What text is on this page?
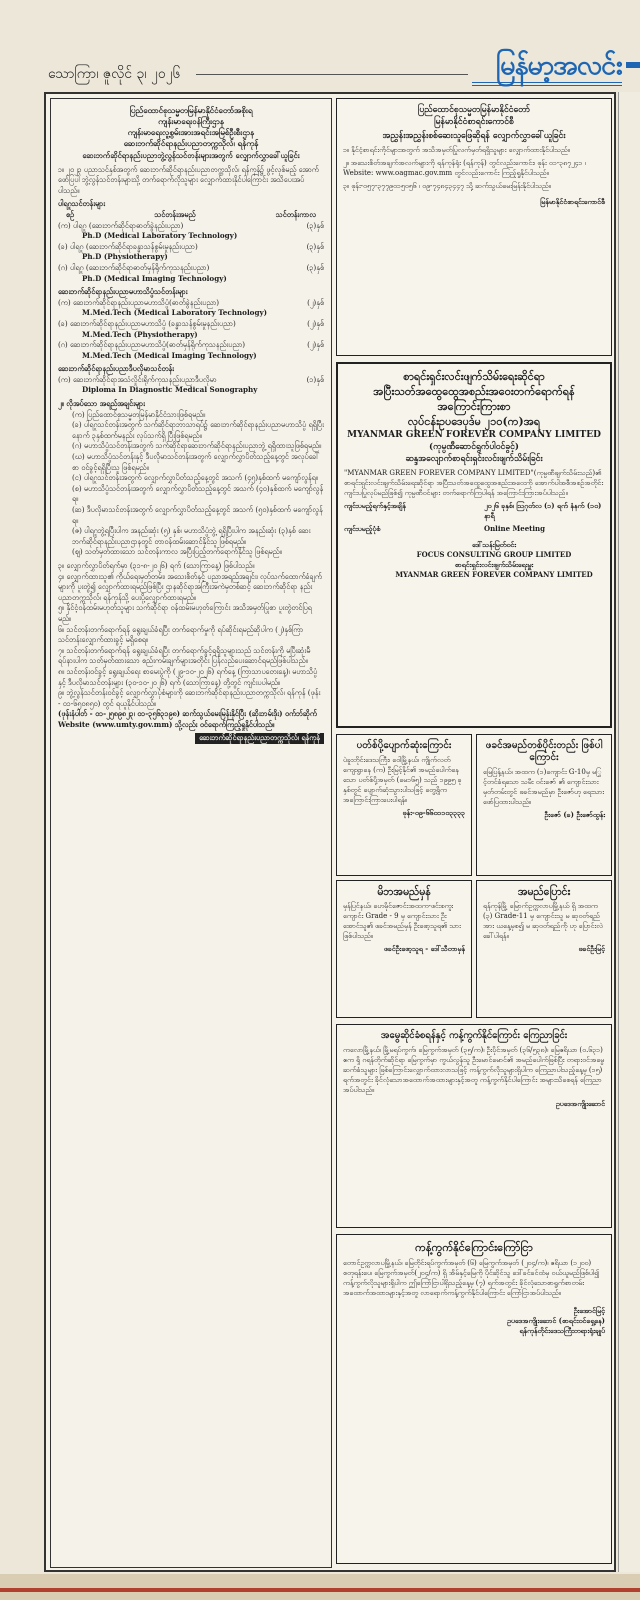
သောကြာ၊ ဇူလိုင် ၃၊ ၂၀၂၆	မြန်မာ့အလင်း
ပြည်ထောင်စုသမ္မတမြန်မာနိုင်ငံတော်အစိုးရ
ကျန်းမာရေးဝန်ကြီးဌာန
ကျန်းမာရေးလူ့စွမ်းအားအရင်းအမြစ်ဦးစီးဌာန
ဆေးဘက်ဆိုင်ရာနည်းပညာတက္ကသိုလ်၊ ရန်ကုန်
ဆေးဘက်ဆိုင်ရာနည်းပညာဘွဲ့လွန်သင်တန်းများအတွက် လျှောက်လွှာခေါ်ယူခြင်း
၁။ ၂၀၂၃ ပညာသင်နှစ်အတွက် ဆေးဘက်ဆိုင်ရာနည်းပညာတက္ကသိုလ်၊ ရန်ကုန်၌ ဖွင့်လှစ်မည့် အောက်ဖော်ပြပါ ဘွဲ့လွန်သင်တန်းများသို့ တက်ရောက်လိုသူများ လျှောက်ထားနိုင်ပါကြောင်း အသိပေးအပ်ပါသည်။
ပါရဂူသင်တန်းများ
စဉ်	သင်တန်းအမည်	သင်တန်းကာလ
(က) ပါရဂူ (ဆေးဘက်ဆိုင်ရာဓာတ်ခွဲနည်းပညာ)	(၃)နှစ်
Ph.D (Medical Laboratory Technology)
(ခ) ပါရဂူ (ဆေးဘက်ဆိုင်ရာခန္ဓာသန်စွမ်းမှုနည်းပညာ)	(၃)နှစ်
Ph.D (Physiotherapy)
(ဂ) ပါရဂူ (ဆေးဘက်ဆိုင်ရာဓာတ်မှန်ရိုက်ကုသနည်းပညာ)	(၃)နှစ်
Ph.D (Medical Imaging Technology)
ဆေးဘက်ဆိုင်ရာနည်းပညာမဟာသိပ္ပံသင်တန်းများ
(က) ဆေးဘက်ဆိုင်ရာနည်းပညာမဟာသိပ္ပံ(ဓာတ်ခွဲနည်းပညာ)	(၂)နှစ်
M.Med.Tech (Medical Laboratory Technology)
(ခ) ဆေးဘက်ဆိုင်ရာနည်းပညာမဟာသိပ္ပံ (ခန္ဓာသန်စွမ်းမှုနည်းပညာ)	(၂)နှစ်
M.Med.Tech (Physiotherapy)
(ဂ) ဆေးဘက်ဆိုင်ရာနည်းပညာမဟာသိပ္ပံ(ဓာတ်မှန်ရိုက်ကုသနည်းပညာ)	(၂)နှစ်
M.Med.Tech (Medical Imaging Technology)
ဆေးဘက်ဆိုင်ရာနည်းပညာဒီပလိုမာသင်တန်း
(က) ဆေးဘက်ဆိုင်ရာအသံလှိုင်းရိုက်ကုသနည်းပညာဒီပလိုမာ	(၁)နှစ်
Diploma In Diagnostic Medical Sonography
၂။ လိုအပ်သော အရည်အချင်းများ
(က) ပြည်ထောင်စုသမ္မတမြန်မာနိုင်ငံသားဖြစ်ရမည်။
(ခ) ပါရဂူသင်တန်းအတွက် သက်ဆိုင်ရာဘာသာရပ်၌ ဆေးဘက်ဆိုင်ရာနည်းပညာမဟာသိပ္ပံ ရရှိပြီးနောက် ၃နှစ်ထက်မနည်း လုပ်သက်ရှိ ပြီးဖြစ်ရမည်။
(ဂ) မဟာသိပ္ပံသင်တန်းအတွက် သက်ဆိုင်ရာဆေးဘက်ဆိုင်ရာနည်းပညာဘွဲ့ ရရှိထားသူဖြစ်ရမည်။
(ဃ) မဟာသိပ္ပံသင်တန်းနှင့် ဒီပလိုမာသင်တန်းအတွက် လျှောက်လွှာပိတ်သည့်နေ့တွင် အလုပ်ခေါ်စာ ဝင်ခွင့်ရရှိပြီးသူ ဖြစ်ရမည်။
(င) ပါရဂူသင်တန်းအတွက် လျှောက်လွှာပိတ်သည့်နေ့တွင် အသက် (၄၅)နှစ်ထက် မကျော်လွန်ရ။
(စ) မဟာသိပ္ပံသင်တန်းအတွက် လျှောက်လွှာပိတ်သည့်နေ့တွင် အသက် (၄၀)နှစ်ထက် မကျော်လွန်ရ။
(ဆ) ဒီပလိုမာသင်တန်းအတွက် လျှောက်လွှာပိတ်သည့်နေ့တွင် အသက် (၅၀)နှစ်ထက် မကျော်လွန်ရ။
(ဇ) ပါရဂူဘွဲ့ရပြီးပါက အနည်းဆုံး (၅) နှစ်၊ မဟာသိပ္ပံဘွဲ့ ရရှိပြီးပါက အနည်းဆုံး (၃)နှစ် ဆေးဘက်ဆိုင်ရာနည်းပညာဌာနတွင် တာဝန်ထမ်းဆောင်နိုင်သူ ဖြစ်ရမည်။
(ဈ) သတ်မှတ်ထားသော သင်တန်းကာလ အပြီးပြည့်တက်ရောက်နိုင်သူ ဖြစ်ရမည်။
၃။ လျှောက်လွှာပိတ်ရက်မှာ (၃၁-၈-၂၀၂၆) ရက် (သောကြာနေ့) ဖြစ်ပါသည်။
၄။ လျှောက်ထားသူ၏ ကိုယ်ရေးမှတ်တမ်း၊ အသေးစိတ်နှင့် ပညာအရည်အချင်း၊ လုပ်သက်ထောက်ခံချက်များကို ပူးတွဲ၍ လျှောက်ထားရမည်ဖြစ်ပြီး ဌာနဆိုင်ရာအကြီးအကဲမှတစ်ဆင့် ဆေးဘက်ဆိုင်ရာ နည်းပညာတက္ကသိုလ်၊ ရန်ကုန်သို့ ပေးပို့လျှောက်ထားရမည်။
၅။ နိုင်ငံ့ဝန်ထမ်းမဟုတ်သူများ သက်ဆိုင်ရာ ဝန်ထမ်းမဟုတ်ကြောင်း အသိအမှတ်ပြုစာ ပူးတွဲတင်ပြရမည်။
၆။ သင်တန်းတက်ရောက်ရန် ရွေးချယ်ခံရပြီး တက်ရောက်မှုကို ရပ်ဆိုင်းရမည်ဆိုပါက (၂)နှစ်ကြာ သင်တန်းလျှောက်ထားခွင့် မရှိစေရ။
၇။ သင်တန်းတက်ရောက်ရန် ရွေးချယ်ခံရပြီး တက်ရောက်ခွင့်ရရှိသူများသည် သင်တန်းကို မပြီးဆုံးမီ ရပ်နားပါက သတ်မှတ်ထားသော စည်းကမ်းချက်များအတိုင်း ပြန်လည်ပေးဆောင်ရမည်ဖြစ်ပါသည်။
၈။ သင်တန်းဝင်ခွင့် ရွေးချယ်ရေး စာမေးပွဲကို (၂၉-၁၀-၂၀၂၆) ရက်နေ့ (ကြာသာပတေးနေ့)၊ မဟာသိပ္ပံနှင့် ဒီပလိုမာသင်တန်းများ (၃၀-၁၀-၂၀၂၆) ရက် (သောကြာနေ့) တို့တွင် ကျင်းပပါမည်။
၉။ ဘွဲ့လွန်သင်တန်းဝင်ခွင့် လျှောက်လွှာပုံစံများကို ဆေးဘက်ဆိုင်ရာနည်းပညာတက္ကသိုလ်၊ ရန်ကုန် (ဖုန်း - ၀၁-၆၅၀၈၅၀) တွင် ရယူနိုင်ပါသည်။
(ဖုန်းနံပါတ် - ၀၁-၂၅၈၉၈၂၃၊ ၀၁-၃၅၆၃၁၉၈) ဆက်သွယ်မေးမြန်းနိုင်ပြီး (ဆိုးဘမ်းဒိုး) ဝက်ဘ်ဆိုက် Website (www.umty.gov.mm) သို့လည်း ဝင်ရောက်ကြည့်ရှုနိုင်ပါသည်။
ဆေးဘက်ဆိုင်ရာနည်းပညာတက္ကသိုလ်၊ ရန်ကုန်
ပြည်ထောင်စုသမ္မတမြန်မာနိုင်ငံတော်
မြန်မာနိုင်ငံစာရင်းကောင်စီ
အညွှန်းအညွှန်းစစ်ဆေးသူဖြေဆိုရန် လျှောက်လွှာခေါ်ယူခြင်း
၁။ နိုင်ငံ့စာရင်းကိုင်များအတွက် အသိအမှတ်ပြုလက်မှတ်ရရှိသူများ လျှောက်ထားနိုင်ပါသည်။
၂။ အသေးစိတ်အချက်အလက်များကို ရန်ကုန်ရုံး (ရန်ကုန်) တွင်လည်းကောင်း၊ ဖုန်း ၀၁-၃၈၇၂၄၁ ၊ Website: www.oagmac.gov.mm တွင်လည်းကောင်း ကြည့်ရှုနိုင်ပါသည်။
၃။ ဖုန်း-၀၅၇-၃၇၇၉၀၁၅၀၅၆ ၊ ၀၉-၇၄၈၄၃၄၄၇ သို့ ဆက်သွယ်မေးမြန်းနိုင်ပါသည်။
မြန်မာနိုင်ငံစာရင်းကောင်စီ
စာရင်းရှင်းလင်းဖျက်သိမ်းရေးဆိုင်ရာ
အပြီးသတ်အထွေထွေအစည်းအဝေးတက်ရောက်ရန်
အကြောင်းကြားစာ
လုပ်ငန်းဥပဒေပုဒ်မ ၂၁၀(က)အရ
MYANMAR GREEN FOREVER COMPANY LIMITED
(ကုမ္ပဏီဆောင်ရွက်ပါဝင်ခွင့်)
ဆန္ဒအလျောက်စာရင်းရှင်းလင်းဖျက်သိမ်းခြင်း
"MYANMAR GREEN FOREVER COMPANY LIMITED"(ကုမ္ပဏီဖျက်သိမ်းသည်)၏ စာရင်းရှင်းလင်းဖျက်သိမ်းရေးဆိုင်ရာ အပြီးသတ်အထွေထွေအစည်းအဝေးကို အောက်ပါအစီအစဉ်အတိုင်း ကျင်းပပြုလုပ်မည်ဖြစ်၍ ကုမ္ပဏီဝင်များ တက်ရောက်ကြပါရန် အကြောင်းကြားအပ်ပါသည်။
ကျင်းပမည့်ရက်နှင့်အချိန်	၂၀၂၆ ခုနှစ်၊ ဩဂုတ်လ (၁) ရက် နံနက် (၁၀) နာရီ
ကျင်းပမည့်ပုံစံ	Online Meeting
ဒေါ်သန်းမြတ်ဝင်း
FOCUS CONSULTING GROUP LIMITED
စာရင်းရှင်းလင်းဖျက်သိမ်းရေးမှူး
MYANMAR GREEN FOREVER COMPANY LIMITED
ပတ်စ်ပို့ပျောက်ဆုံးကြောင်း
ပဲခူးတိုင်းဒေသကြီး၊ ဝေါမြို့နယ်၊ ကျိုက်လတ်ကျေးရွာနေ (က) ဦးမြင့်နိုင်၏ အမည်ပေါက်နေသော ပတ်စ်ပို့အမှတ် (မေ၁၆၅) သည် ၁၉၉၅ ခုနှစ်တွင် ပျောက်ဆုံးသွားပါသဖြင့် တွေ့ရှိက အကြောင်းကြားပေးပါရန်။
ဖုန်း-၀၉-၆၆၀၁၁၀၃၃၃၃
ဖခင်အမည်တစ်ပိုင်းတည်း ဖြစ်ပါကြောင်း
မြေပြန့်နယ်၊ အထက (၁)ကျောင်း G-10မှ မ​ြှင့်တင်ခံရသော သမီး ဝင်းဇော် ၏ ကျောင်းသားမှတ်တမ်းတွင် ဖခင်အမည်မှာ ဦးဇော်ဟု ရေးသားဖော်ပြထားပါသည်။
ဦးဇော် (ခ) ဦးဇော်ထွန်း
မိဘအမည်မှန်
မှန်ပြင်နယ်၊ ဟေမိုင်ဇောင်းအထက-ဖင်းစကူးကျောင်း Grade - 9 မှ ကျောင်းသား ဦးအောင်သူ၏ ဖခင်အမည်မှန် ဦးဖော့သူရ၏ သား ဖြစ်ပါသည်။
ဖခင်ဦးဖော့သူရ - ဒေါ်သီတာမှန်
အမည်ပြောင်း
ရန်ကုန်မြို့ မြောက်ဥက္ကလာပမြို့နယ် ရှိ အထက (၃) Grade-11 မှ ကျောင်းသူ မ ဆုဝတ်ရည် အား ယနေ့မှစ၍ မ ဆုဝတ်ရည်ကို ဟု ပြောင်းလဲခေါ်ပါရန်။
ဖခင်ဦးမြင့်
အမွေဆိုင်ခံစရန်နှင့် ကန့်ကွက်နိုင်ကြောင်း ကြေညာခြင်း
ကလောမြို့နယ်၊ မြို့မရပ်ကွက်၊ မြေကွက်အမှတ် (၃၅/က)၊ ဦးပိုင်အမှတ် (၃၆/၅၃၈)၊ မြေဧရိယာ (၀.၆၃၁) ဧက ရှိ ဂရန်တိုက်ဆိုင်ရာ မြေကွက်မှာ ကွယ်လွန်သူ ဦးမောင်မောင်၏ အမည်ပေါက်ဖြစ်ပြီး တရားဝင်အမွေဆက်ခံသူများ ဖြစ်ကြောင်းလျှောက်ထားလာသဖြင့် ကန့်ကွက်လိုသူများရှိပါက ကြေညာပါသည့်နေ့မှ (၁၅) ရက်အတွင်း ခိုင်လုံသောအထောက်အထားများနှင့်အတူ ကန့်ကွက်နိုင်ပါကြောင်း အများသိစေရန် ကြေညာအပ်ပါသည်။
ဥပဒေအကျိုးဆောင်
ကန့်ကွက်နိုင်ကြောင်းကြော်ငြာ
တောင်ဥက္ကလာပမြို့နယ်၊ မြေတိုင်းရပ်ကွက်အမှတ် (၆) မြေကွက်အမှတ် (၂၀၄/က)၊ ဧရိယာ (၁၂၀၀) စတုရန်းပေ၊ မြေကွက်အမှတ်(၂၀၄/က) ရှိ အိမ်နှင့်မြေကို ပိုင်ဆိုင်သူ ဒေါ်ခင်ခင်ထံမှ ဝယ်ယူမည်ဖြစ်ပါ၍ ကန့်ကွက်လိုသူများရှိပါက ဤကြော်ငြာပါရှိသည့်နေ့မှ (၇) ရက်အတွင်း ခိုင်လုံသောစာရွက်စာတမ်းအထောက်အထားများနှင့်အတူ လာရောက်ကန့်ကွက်နိုင်ပါကြောင်း ကြော်ငြာအပ်ပါသည်။
ဦးအောင်မြင့်
ဥပဒေအကျိုးဆောင် (စာရင်းဝင်ရှေ့နေ)
ရန်ကုန်တိုင်းဒေသကြီးတရားရုံးချုပ်
